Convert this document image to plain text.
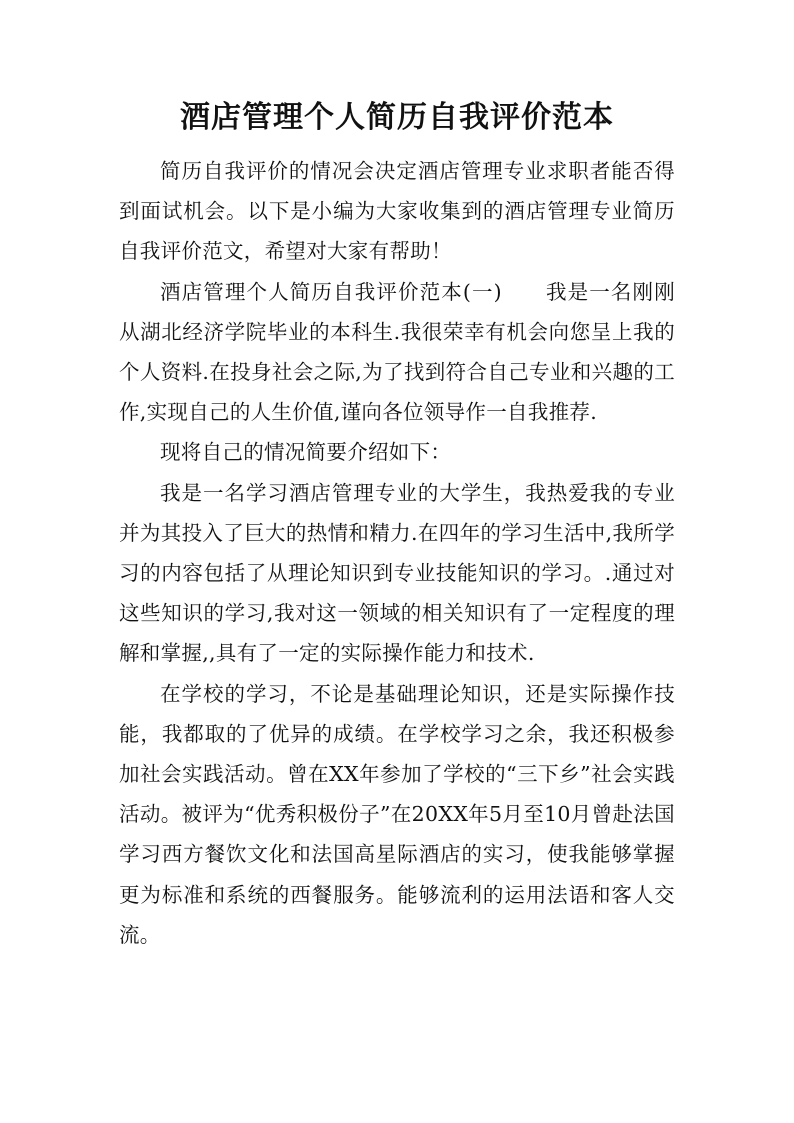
酒店管理个人简历自我评价范本

简历自我评价的情况会决定酒店管理专业求职者能否得到面试机会。以下是小编为大家收集到的酒店管理专业简历自我评价范文，希望对大家有帮助！

酒店管理个人简历自我评价范本(一)　　我是一名刚刚从湖北经济学院毕业的本科生.我很荣幸有机会向您呈上我的个人资料.在投身社会之际,为了找到符合自己专业和兴趣的工作,实现自己的人生价值,谨向各位领导作一自我推荐.

现将自己的情况简要介绍如下：

我是一名学习酒店管理专业的大学生，我热爱我的专业并为其投入了巨大的热情和精力.在四年的学习生活中,我所学习的内容包括了从理论知识到专业技能知识的学习。.通过对这些知识的学习,我对这一领域的相关知识有了一定程度的理解和掌握,,具有了一定的实际操作能力和技术.

在学校的学习，不论是基础理论知识，还是实际操作技能，我都取的了优异的成绩。在学校学习之余，我还积极参加社会实践活动。曾在XX年参加了学校的“三下乡”社会实践活动。被评为“优秀积极份子”在20XX年5月至10月曾赴法国学习西方餐饮文化和法国高星际酒店的实习，使我能够掌握更为标准和系统的西餐服务。能够流利的运用法语和客人交流。
